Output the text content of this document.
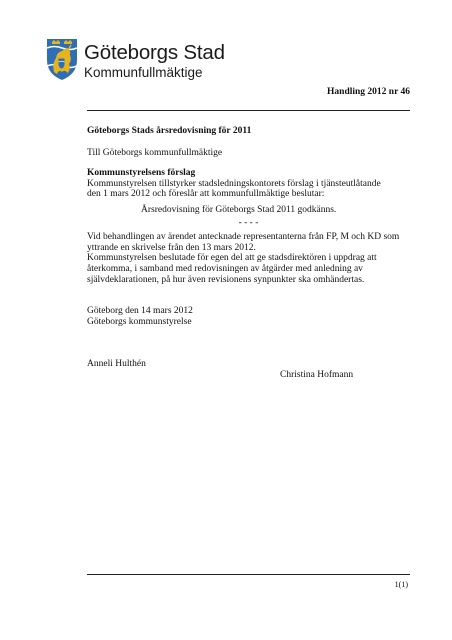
Göteborgs Stad
Kommunfullmäktige
Handling 2012 nr 46

Göteborgs Stads årsredovisning för 2011

Till Göteborgs kommunfullmäktige

Kommunstyrelsens förslag

Kommunstyrelsen tillstyrker stadsledningskontorets förslag i tjänsteutlåtande

den 1 mars 2012 och föreslår att kommunfullmäktige beslutar:

Årsredovisning för Göteborgs Stad 2011 godkänns.

- - - -

Vid behandlingen av ärendet antecknade representanterna från FP, M och KD som

yttrande en skrivelse från den 13 mars 2012.

Kommunstyrelsen beslutade för egen del att ge stadsdirektören i uppdrag att

återkomma, i samband med redovisningen av åtgärder med anledning av

självdeklarationen, på hur även revisionens synpunkter ska omhändertas.

Göteborg den 14 mars 2012

Göteborgs kommunstyrelse

Anneli Hulthén
Christina Hofmann
1(1)
